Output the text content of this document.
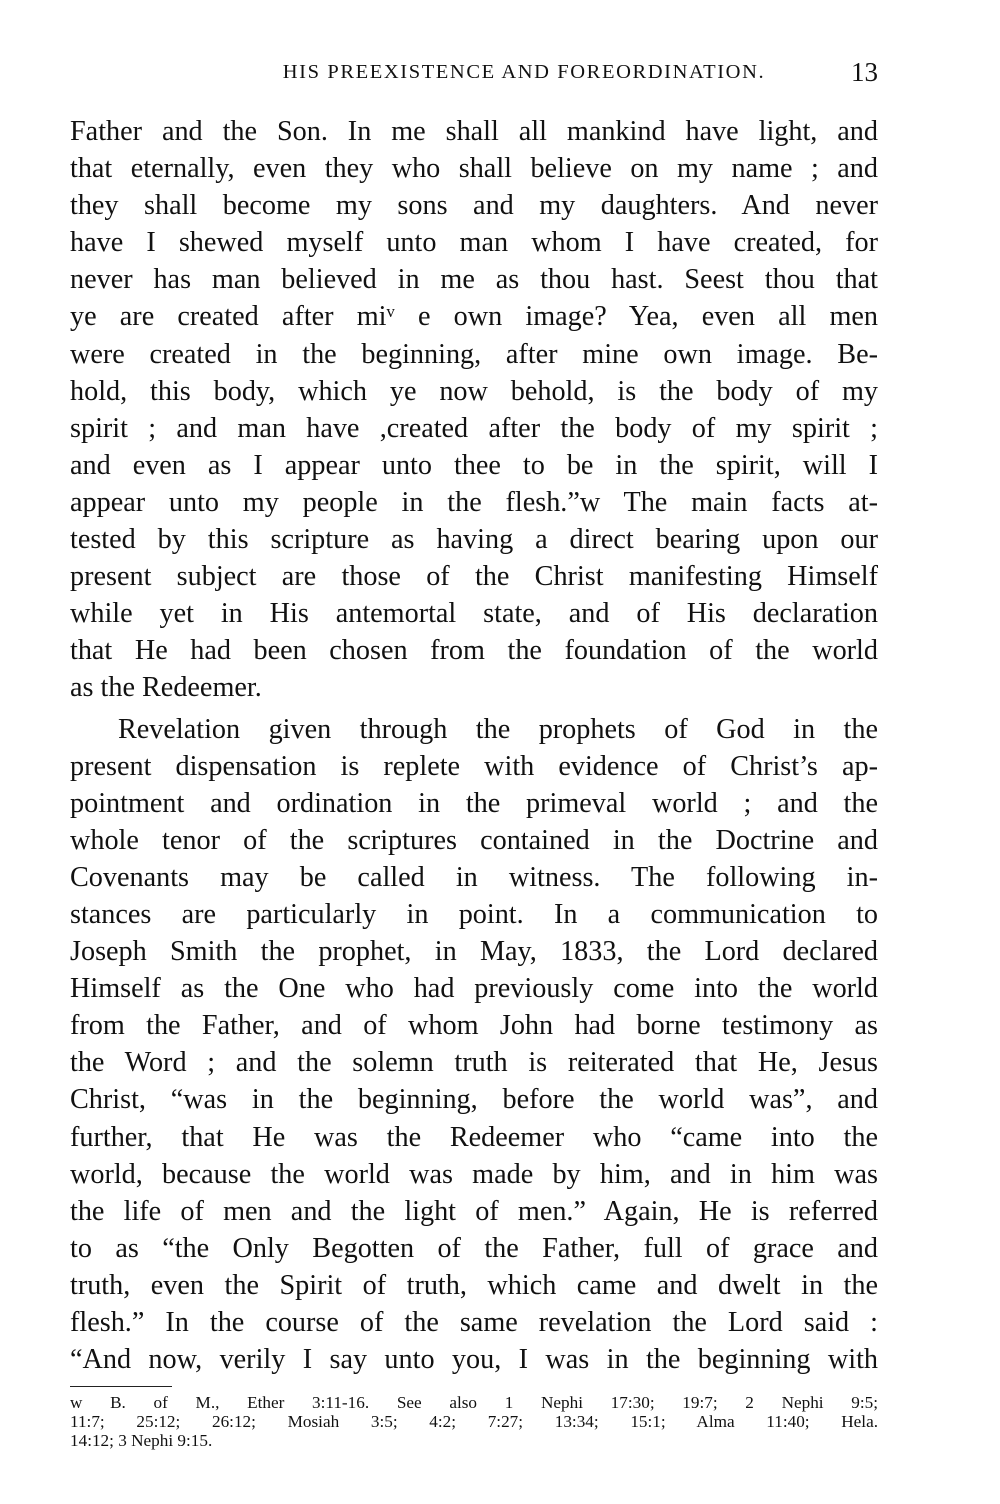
HIS PREEXISTENCE AND FOREORDINATION.	13
Father and the Son. In me shall all mankind have light, and
that eternally, even they who shall believe on my name ; and
they shall become my sons and my daughters. And never
have I shewed myself unto man whom I have created, for
never has man believed in me as thou hast. Seest thou that
ye are created after miᵛ e own image? Yea, even all men
were created in the beginning, after mine own image. Be-
hold, this body, which ye now behold, is the body of my
spirit ; and man have ,created after the body of my spirit ;
and even as I appear unto thee to be in the spirit, will I
appear unto my people in the flesh.”w The main facts at-
tested by this scripture as having a direct bearing upon our
present subject are those of the Christ manifesting Himself
while yet in His antemortal state, and of His declaration
that He had been chosen from the foundation of the world
as the Redeemer.
Revelation given through the prophets of God in the
present dispensation is replete with evidence of Christ’s ap-
pointment and ordination in the primeval world ; and the
whole tenor of the scriptures contained in the Doctrine and
Covenants may be called in witness. The following in-
stances are particularly in point. In a communication to
Joseph Smith the prophet, in May, 1833, the Lord declared
Himself as the One who had previously come into the world
from the Father, and of whom John had borne testimony as
the Word ; and the solemn truth is reiterated that He, Jesus
Christ, “was in the beginning, before the world was”, and
further, that He was the Redeemer who “came into the
world, because the world was made by him, and in him was
the life of men and the light of men.” Again, He is referred
to as “the Only Begotten of the Father, full of grace and
truth, even the Spirit of truth, which came and dwelt in the
flesh.” In the course of the same revelation the Lord said :
“And now, verily I say unto you, I was in the beginning with
w B. of M., Ether 3:11-16. See also 1 Nephi 17:30; 19:7; 2 Nephi 9:5;
11:7; 25:12; 26:12; Mosiah 3:5; 4:2; 7:27; 13:34; 15:1; Alma 11:40; Hela.
14:12; 3 Nephi 9:15.
